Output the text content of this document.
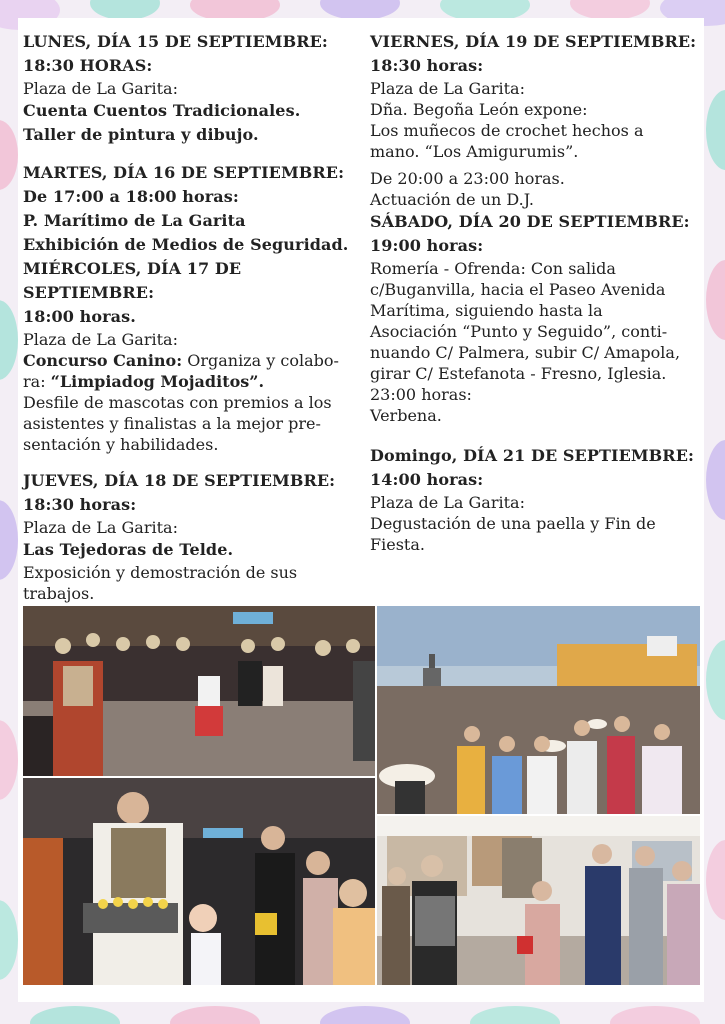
LUNES, DÍA 15 DE SEPTIEMBRE:
18:30 HORAS:
Plaza de La Garita:
Cuenta Cuentos Tradicionales.
Taller de pintura y dibujo.
MARTES, DÍA 16 DE SEPTIEMBRE:
De 17:00 a 18:00 horas:
P. Marítimo de La Garita
Exhibición de Medios de Seguridad.
MIÉRCOLES, DÍA 17 DE SEPTIEMBRE:
18:00 horas.
Plaza de La Garita:
Concurso Canino: Organiza y colabo-
ra: “Limpiadog Mojaditos”.
Desfile de mascotas con premios a los
asistentes y finalistas a la mejor pre-
sentación y habilidades.
JUEVES, DÍA 18 DE SEPTIEMBRE:
18:30 horas:
Plaza de La Garita:
Las Tejedoras de Telde.
Exposición y demostración de sus
trabajos.
VIERNES, DÍA 19 DE SEPTIEMBRE:
18:30 horas:
Plaza de La Garita:
Dña. Begoña León expone:
Los muñecos de crochet hechos a
mano. “Los Amigurumis”.
De 20:00 a 23:00 horas.
Actuación de un D.J.
SÁBADO, DÍA 20 DE SEPTIEMBRE:
19:00 horas:
Romería - Ofrenda: Con salida
c/Buganvilla, hacia el Paseo Avenida
Marítima, siguiendo hasta la
Asociación “Punto y Seguido”, conti-
nuando C/ Palmera, subir C/ Amapola,
girar C/ Estefanota - Fresno, Iglesia.
23:00 horas:
Verbena.
Domingo, DÍA 21 DE SEPTIEMBRE:
14:00 horas:
Plaza de La Garita:
Degustación de una paella y Fin de
Fiesta.
